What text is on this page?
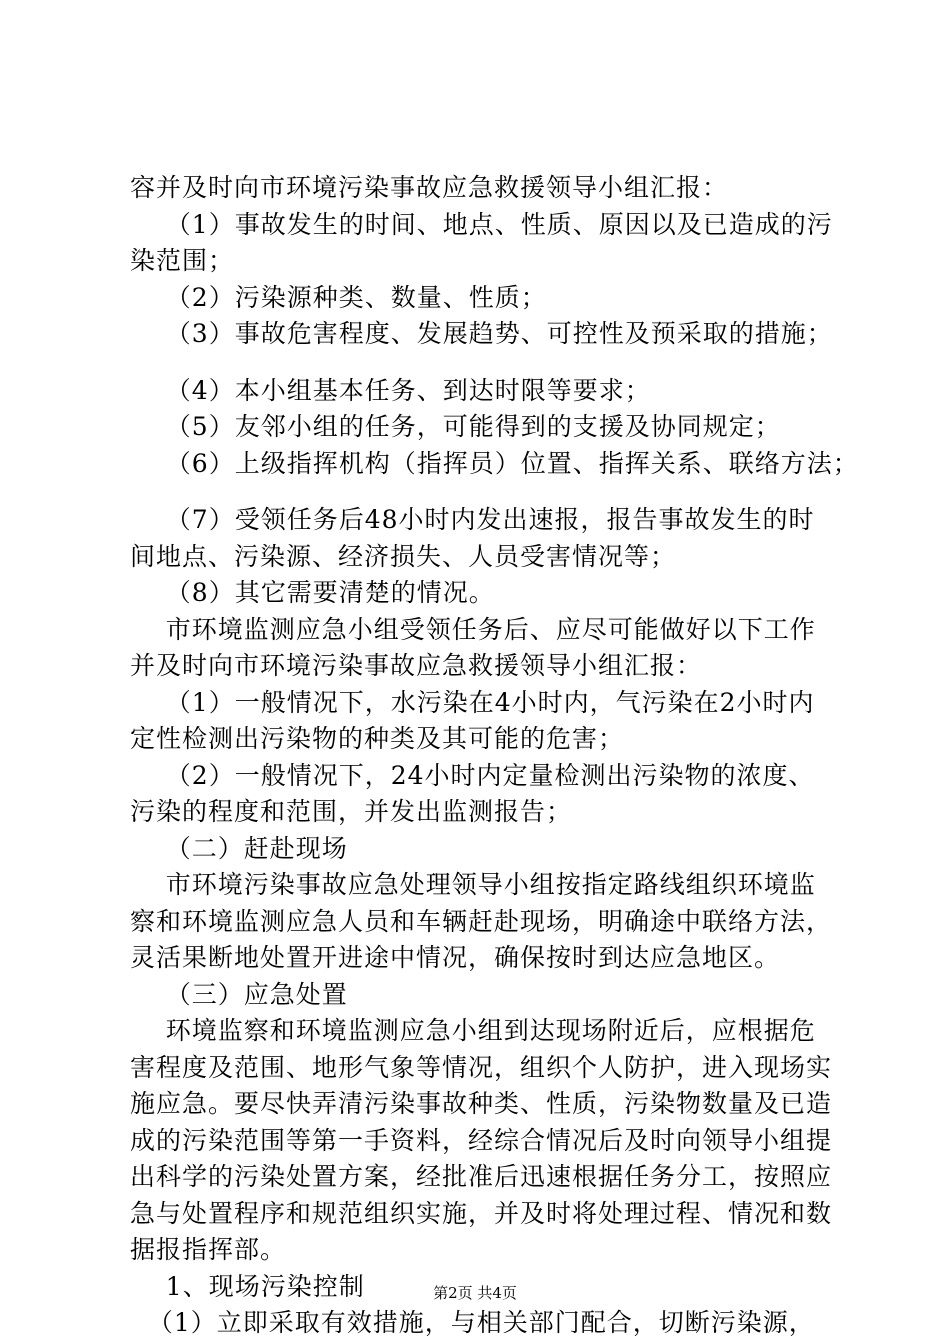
容并及时向市环境污染事故应急救援领导小组汇报：
（1）事故发生的时间、地点、性质、原因以及已造成的污
染范围；
（2）污染源种类、数量、性质；
（3）事故危害程度、发展趋势、可控性及预采取的措施；
（4）本小组基本任务、到达时限等要求；
（5）友邻小组的任务，可能得到的支援及协同规定；
（6）上级指挥机构（指挥员）位置、指挥关系、联络方法；
（7）受领任务后48小时内发出速报，报告事故发生的时
间地点、污染源、经济损失、人员受害情况等；
（8）其它需要清楚的情况。
市环境监测应急小组受领任务后、应尽可能做好以下工作
并及时向市环境污染事故应急救援领导小组汇报：
（1）一般情况下，水污染在4小时内，气污染在2小时内
定性检测出污染物的种类及其可能的危害；
（2）一般情况下，24小时内定量检测出污染物的浓度、
污染的程度和范围，并发出监测报告；
（二）赶赴现场
市环境污染事故应急处理领导小组按指定路线组织环境监
察和环境监测应急人员和车辆赶赴现场，明确途中联络方法，
灵活果断地处置开进途中情况，确保按时到达应急地区。
（三）应急处置
环境监察和环境监测应急小组到达现场附近后，应根据危
害程度及范围、地形气象等情况，组织个人防护，进入现场实
施应急。要尽快弄清污染事故种类、性质，污染物数量及已造
成的污染范围等第一手资料，经综合情况后及时向领导小组提
出科学的污染处置方案，经批准后迅速根据任务分工，按照应
急与处置程序和规范组织实施，并及时将处理过程、情况和数
据报指挥部。
1、现场污染控制
（1）立即采取有效措施，与相关部门配合，切断污染源，
第2页 共4页
